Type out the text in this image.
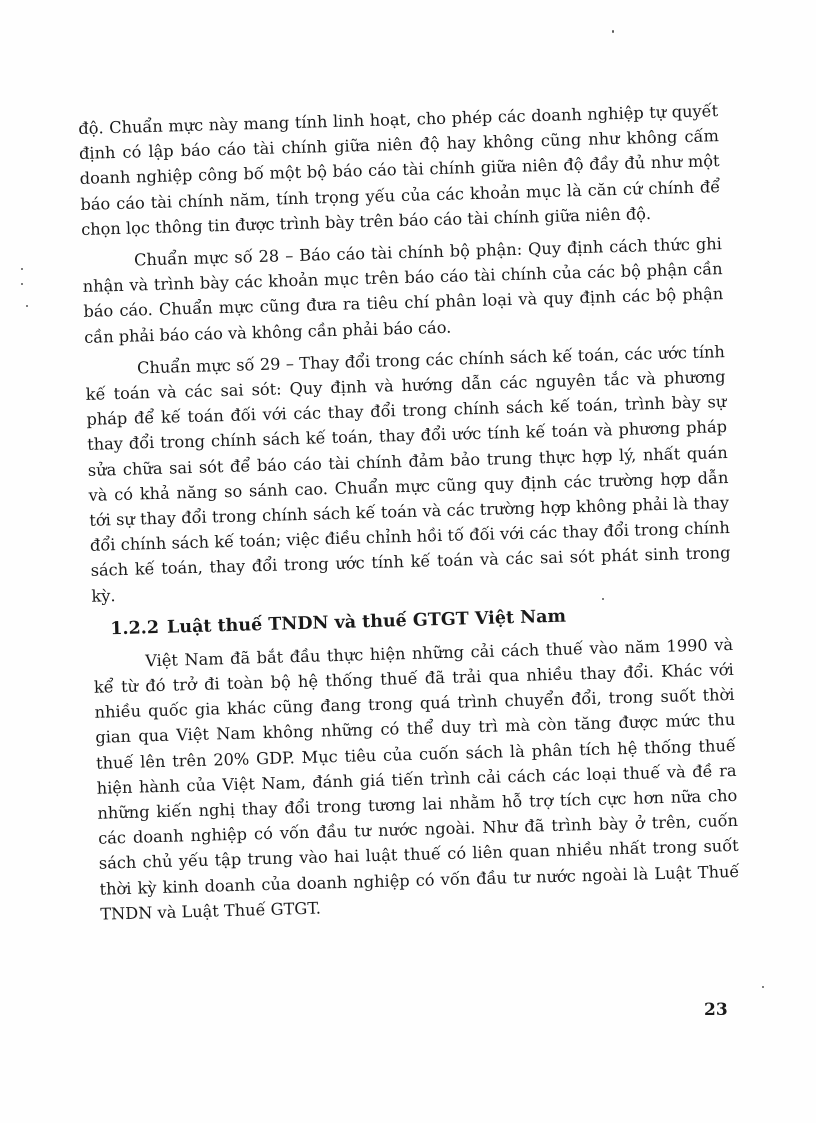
độ. Chuẩn mực này mang tính linh hoạt, cho phép các doanh nghiệp tự quyết định có lập báo cáo tài chính giữa niên độ hay không cũng như không cấm doanh nghiệp công bố một bộ báo cáo tài chính giữa niên độ đầy đủ như một báo cáo tài chính năm, tính trọng yếu của các khoản mục là căn cứ chính để chọn lọc thông tin được trình bày trên báo cáo tài chính giữa niên độ.

Chuẩn mực số 28 – Báo cáo tài chính bộ phận: Quy định cách thức ghi nhận và trình bày các khoản mục trên báo cáo tài chính của các bộ phận cần báo cáo. Chuẩn mực cũng đưa ra tiêu chí phân loại và quy định các bộ phận cần phải báo cáo và không cần phải báo cáo.

Chuẩn mực số 29 – Thay đổi trong các chính sách kế toán, các ước tính kế toán và các sai sót: Quy định và hướng dẫn các nguyên tắc và phương pháp để kế toán đối với các thay đổi trong chính sách kế toán, trình bày sự thay đổi trong chính sách kế toán, thay đổi ước tính kế toán và phương pháp sửa chữa sai sót để báo cáo tài chính đảm bảo trung thực hợp lý, nhất quán và có khả năng so sánh cao. Chuẩn mực cũng quy định các trường hợp dẫn tới sự thay đổi trong chính sách kế toán và các trường hợp không phải là thay đổi chính sách kế toán; việc điều chỉnh hồi tố đối với các thay đổi trong chính sách kế toán, thay đổi trong ước tính kế toán và các sai sót phát sinh trong kỳ.

1.2.2 Luật thuế TNDN và thuế GTGT Việt Nam

Việt Nam đã bắt đầu thực hiện những cải cách thuế vào năm 1990 và kể từ đó trở đi toàn bộ hệ thống thuế đã trải qua nhiều thay đổi. Khác với nhiều quốc gia khác cũng đang trong quá trình chuyển đổi, trong suốt thời gian qua Việt Nam không những có thể duy trì mà còn tăng được mức thu thuế lên trên 20% GDP. Mục tiêu của cuốn sách là phân tích hệ thống thuế hiện hành của Việt Nam, đánh giá tiến trình cải cách các loại thuế và đề ra những kiến nghị thay đổi trong tương lai nhằm hỗ trợ tích cực hơn nữa cho các doanh nghiệp có vốn đầu tư nước ngoài. Như đã trình bày ở trên, cuốn sách chủ yếu tập trung vào hai luật thuế có liên quan nhiều nhất trong suốt thời kỳ kinh doanh của doanh nghiệp có vốn đầu tư nước ngoài là Luật Thuế TNDN và Luật Thuế GTGT.

23
